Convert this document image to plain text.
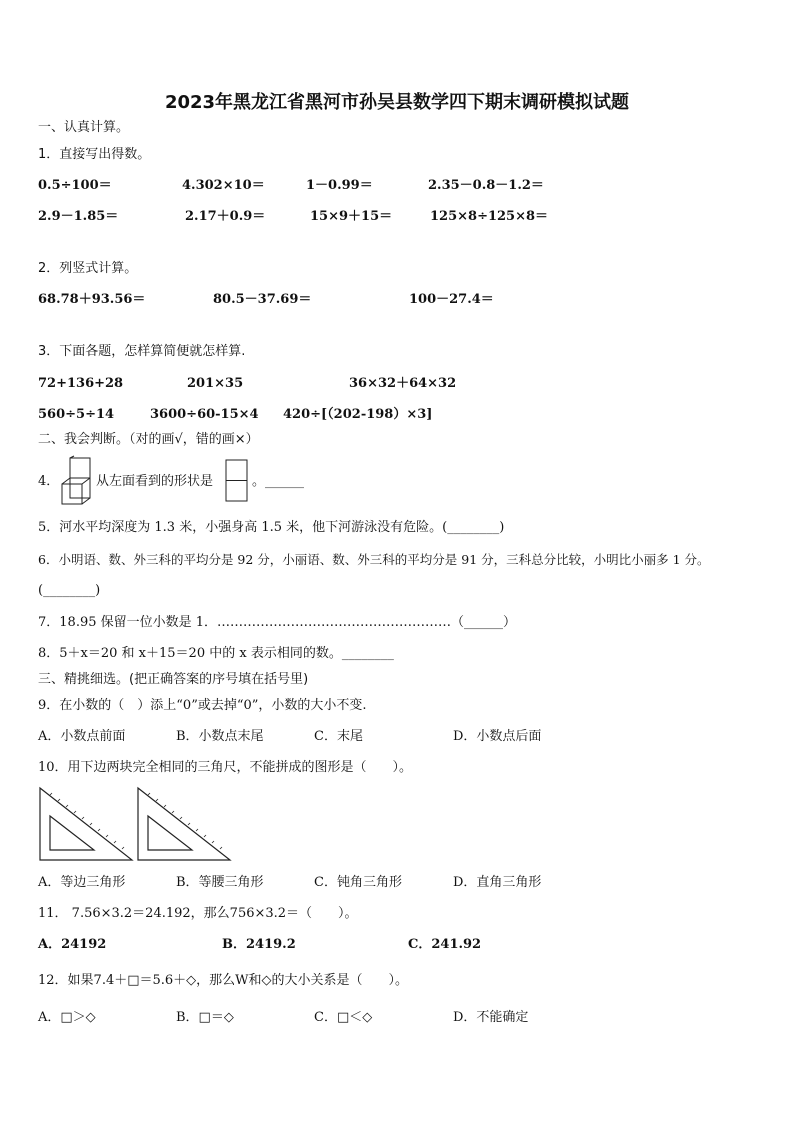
2023年黑龙江省黑河市孙吴县数学四下期末调研模拟试题
一、认真计算。
1．直接写出得数。
0.5÷100＝	4.302×10＝	1－0.99＝	2.35－0.8－1.2＝
2.9－1.85＝	2.17＋0.9＝	15×9＋15＝	125×8÷125×8＝
2．列竖式计算。
68.78＋93.56＝	80.5－37.69＝	100－27.4＝
3．下面各题，怎样算简便就怎样算.
72+136+28	201×35	36×32＋64×32
560÷5÷14	3600÷60-15×4 420÷[（202-198）×3]
二、我会判断。（对的画√，错的画×）
4．	从左面看到的形状是	。______
5．河水平均深度为 1.3 米，小强身高 1.5 米，他下河游泳没有危险。(________)
6．小明语、数、外三科的平均分是 92 分，小丽语、数、外三科的平均分是 91 分，三科总分比较，小明比小丽多 1 分。
(________)
7．18.95 保留一位小数是 1．………………………………………………（______）
8．5＋x＝20 和 x＋15＝20 中的 x 表示相同的数。________
三、精挑细选。(把正确答案的序号填在括号里)
9．在小数的（　）添上“0”或去掉“0”，小数的大小不变.
A．小数点前面	B．小数点末尾	C．末尾	D．小数点后面
10．用下边两块完全相同的三角尺，不能拼成的图形是（　　）。
A．等边三角形	B．等腰三角形	C．钝角三角形	D．直角三角形
11． 7.56×3.2＝24.192，那么756×3.2＝（　　）。
A．24192	B．2419.2	C．241.92
12．如果7.4＋□＝5.6＋◇，那么W和◇的大小关系是（　　）。
A．□＞◇	B．□＝◇	C．□＜◇	D．不能确定
